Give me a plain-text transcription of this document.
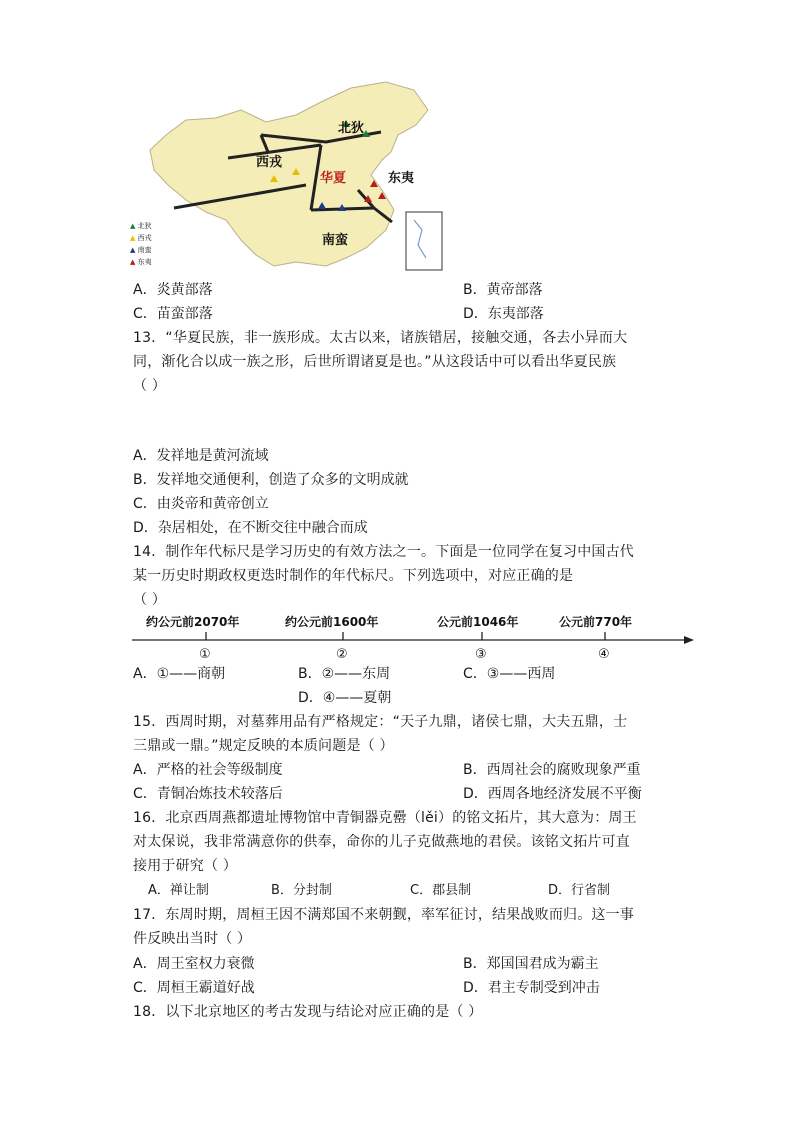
北狄
西戎
华夏	东夷
南蛮
▲ 北狄
▲ 西戎
▲ 南蛮
▲ 东夷
A．炎黄部落	B．黄帝部落
C．苗蛮部落	D．东夷部落
13．“华夏民族，非一族形成。太古以来，诸族错居，接触交通，各去小异而大
同，渐化合以成一族之形，后世所谓诸夏是也。”从这段话中可以看出华夏民族
（ ）
A．发祥地是黄河流域
B．发祥地交通便利，创造了众多的文明成就
C．由炎帝和黄帝创立
D．杂居相处，在不断交往中融合而成
14．制作年代标尺是学习历史的有效方法之一。下面是一位同学在复习中国古代
某一历史时期政权更迭时制作的年代标尺。下列选项中，对应正确的是
（ ）
约公元前2070年	约公元前1600年	公元前1046年	公元前770年
①	②	③	④
A．①——商朝	B．②——东周	C．③——西周
D．④——夏朝
15．西周时期，对墓葬用品有严格规定：“天子九鼎，诸侯七鼎，大夫五鼎，士
三鼎或一鼎。”规定反映的本质问题是（ ）
A．严格的社会等级制度	B．西周社会的腐败现象严重
C．青铜冶炼技术较落后	D．西周各地经济发展不平衡
16．北京西周燕都遗址博物馆中青铜器克罍（lěi）的铭文拓片，其大意为：周王
对太保说，我非常满意你的供奉，命你的儿子克做燕地的君侯。该铭文拓片可直
接用于研究（ ）
A．禅让制	B．分封制	C．郡县制	D．行省制
17．东周时期，周桓王因不满郑国不来朝觐，率军征讨，结果战败而归。这一事
件反映出当时（ ）
A．周王室权力衰微	B．郑国国君成为霸主
C．周桓王霸道好战	D．君主专制受到冲击
18．以下北京地区的考古发现与结论对应正确的是（ ）
